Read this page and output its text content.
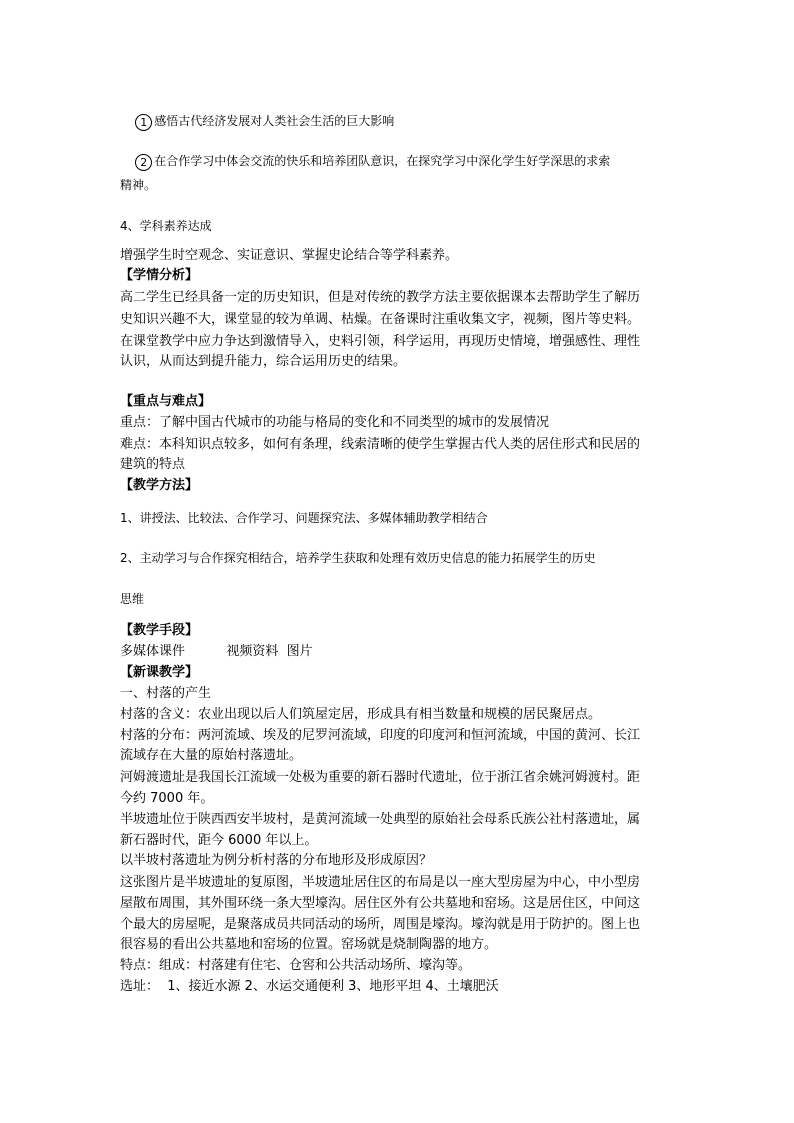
1 感悟古代经济发展对人类社会生活的巨大影响

2 在合作学习中体会交流的快乐和培养团队意识，在探究学习中深化学生好学深思的求索

精神。
4、学科素养达成
增强学生时空观念、实证意识、掌握史论结合等学科素养。
【学情分析】
高二学生已经具备一定的历史知识，但是对传统的教学方法主要依据课本去帮助学生了解历
史知识兴趣不大，课堂显的较为单调、枯燥。在备课时注重收集文字，视频，图片等史料。
在课堂教学中应力争达到激情导入，史料引领，科学运用，再现历史情境，增强感性、理性
认识，从而达到提升能力，综合运用历史的结果。
【重点与难点】
重点：了解中国古代城市的功能与格局的变化和不同类型的城市的发展情况
难点：本科知识点较多，如何有条理，线索清晰的使学生掌握古代人类的居住形式和民居的
建筑的特点
【教学方法】
1、讲授法、比较法、合作学习、问题探究法、多媒体辅助教学相结合
2、主动学习与合作探究相结合，培养学生获取和处理有效历史信息的能力拓展学生的历史
思维
【教学手段】
多媒体课件          视频资料  图片
【新课教学】
一、村落的产生
村落的含义：农业出现以后人们筑屋定居，形成具有相当数量和规模的居民聚居点。
村落的分布：两河流域、埃及的尼罗河流域，印度的印度河和恒河流域，中国的黄河、长江
流域存在大量的原始村落遗址。
河姆渡遗址是我国长江流域一处极为重要的新石器时代遗址，位于浙江省余姚河姆渡村。距
今约 7000 年。
半坡遗址位于陕西西安半坡村，是黄河流域一处典型的原始社会母系氏族公社村落遗址，属
新石器时代，距今 6000 年以上。
以半坡村落遗址为例分析村落的分布地形及形成原因？
这张图片是半坡遗址的复原图，半坡遗址居住区的布局是以一座大型房屋为中心，中小型房
屋散布周围，其外围环绕一条大型壕沟。居住区外有公共墓地和窑场。这是居住区，中间这
个最大的房屋呢，是聚落成员共同活动的场所，周围是壕沟。壕沟就是用于防护的。图上也
很容易的看出公共墓地和窑场的位置。窑场就是烧制陶器的地方。
特点：组成：村落建有住宅、仓窖和公共活动场所、壕沟等。
选址：  1、接近水源 2、水运交通便利 3、地形平坦 4、土壤肥沃
